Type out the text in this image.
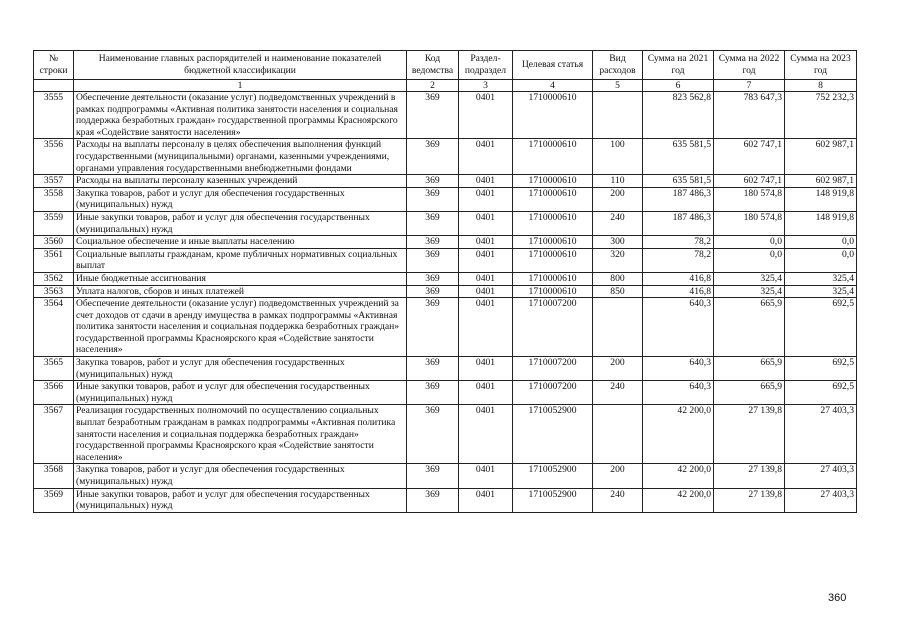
№ строки	Наименование главных распорядителей и наименование показателей бюджетной классификации	Код ведомства	Раздел-подраздел	Целевая статья	Вид расходов	Сумма на 2021 год	Сумма на 2022 год	Сумма на 2023 год
	1	2	3	4	5	6	7	8
3555	Обеспечение деятельности (оказание услуг) подведомственных учреждений в рамках подпрограммы «Активная политика занятости населения и социальная поддержка безработных граждан» государственной программы Красноярского края «Содействие занятости населения»	369	0401	1710000610		823 562,8	783 647,3	752 232,3
3556	Расходы на выплаты персоналу в целях обеспечения выполнения функций государственными (муниципальными) органами, казенными учреждениями, органами управления государственными внебюджетными фондами	369	0401	1710000610	100	635 581,5	602 747,1	602 987,1
3557	Расходы на выплаты персоналу казенных учреждений	369	0401	1710000610	110	635 581,5	602 747,1	602 987,1
3558	Закупка товаров, работ и услуг для обеспечения государственных (муниципальных) нужд	369	0401	1710000610	200	187 486,3	180 574,8	148 919,8
3559	Иные закупки товаров, работ и услуг для обеспечения государственных (муниципальных) нужд	369	0401	1710000610	240	187 486,3	180 574,8	148 919,8
3560	Социальное обеспечение и иные выплаты населению	369	0401	1710000610	300	78,2	0,0	0,0
3561	Социальные выплаты гражданам, кроме публичных нормативных социальных выплат	369	0401	1710000610	320	78,2	0,0	0,0
3562	Иные бюджетные ассигнования	369	0401	1710000610	800	416,8	325,4	325,4
3563	Уплата налогов, сборов и иных платежей	369	0401	1710000610	850	416,8	325,4	325,4
3564	Обеспечение деятельности (оказание услуг) подведомственных учреждений за счет доходов от сдачи в аренду имущества в рамках подпрограммы «Активная политика занятости населения и социальная поддержка безработных граждан» государственной программы Красноярского края «Содействие занятости населения»	369	0401	1710007200		640,3	665,9	692,5
3565	Закупка товаров, работ и услуг для обеспечения государственных (муниципальных) нужд	369	0401	1710007200	200	640,3	665,9	692,5
3566	Иные закупки товаров, работ и услуг для обеспечения государственных (муниципальных) нужд	369	0401	1710007200	240	640,3	665,9	692,5
3567	Реализация государственных полномочий по осуществлению социальных выплат безработным гражданам в рамках подпрограммы «Активная политика занятости населения и социальная поддержка безработных граждан» государственной программы Красноярского края «Содействие занятости населения»	369	0401	1710052900		42 200,0	27 139,8	27 403,3
3568	Закупка товаров, работ и услуг для обеспечения государственных (муниципальных) нужд	369	0401	1710052900	200	42 200,0	27 139,8	27 403,3
3569	Иные закупки товаров, работ и услуг для обеспечения государственных (муниципальных) нужд	369	0401	1710052900	240	42 200,0	27 139,8	27 403,3
360
